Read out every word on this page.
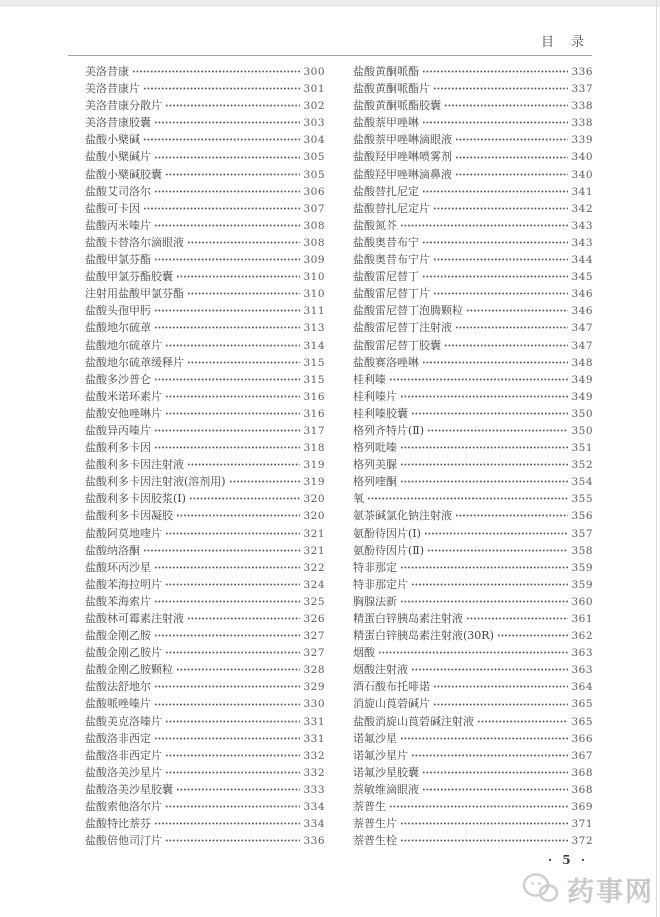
目　录
美洛昔康	300
美洛昔康片	301
美洛昔康分散片	302
美洛昔康胶囊	303
盐酸小檗碱	304
盐酸小檗碱片	305
盐酸小檗碱胶囊	305
盐酸艾司洛尔	306
盐酸可卡因	307
盐酸丙米嗪片	308
盐酸卡替洛尔滴眼液	308
盐酸甲氯芬酯	309
盐酸甲氯芬酯胶囊	310
注射用盐酸甲氯芬酯	310
盐酸头孢甲肟	311
盐酸地尔硫䓬	313
盐酸地尔硫䓬片	314
盐酸地尔硫䓬缓释片	315
盐酸多沙普仑	315
盐酸米诺环素片	316
盐酸安他唑啉片	316
盐酸异丙嗪片	317
盐酸利多卡因	318
盐酸利多卡因注射液	319
盐酸利多卡因注射液(溶剂用)	319
盐酸利多卡因胶浆(Ⅰ)	320
盐酸利多卡因凝胶	320
盐酸阿莫地喹片	321
盐酸纳洛酮	321
盐酸环丙沙星	322
盐酸苯海拉明片	324
盐酸苯海索片	325
盐酸林可霉素注射液	326
盐酸金刚乙胺	327
盐酸金刚乙胺片	327
盐酸金刚乙胺颗粒	328
盐酸法舒地尔	329
盐酸哌唑嗪片	330
盐酸美克洛嗪片	331
盐酸洛非西定	331
盐酸洛非西定片	332
盐酸洛美沙星片	332
盐酸洛美沙星胶囊	333
盐酸索他洛尔片	334
盐酸特比萘芬	334
盐酸倍他司汀片	336
盐酸黄酮哌酯	336
盐酸黄酮哌酯片	337
盐酸黄酮哌酯胶囊	338
盐酸萘甲唑啉	338
盐酸萘甲唑啉滴眼液	339
盐酸羟甲唑啉喷雾剂	340
盐酸羟甲唑啉滴鼻液	340
盐酸替扎尼定	341
盐酸替扎尼定片	342
盐酸氮芥	343
盐酸奥昔布宁	343
盐酸奥昔布宁片	344
盐酸雷尼替丁	345
盐酸雷尼替丁片	346
盐酸雷尼替丁泡腾颗粒	346
盐酸雷尼替丁注射液	347
盐酸雷尼替丁胶囊	347
盐酸赛洛唑啉	348
桂利嗪	349
桂利嗪片	349
桂利嗪胶囊	350
格列齐特片(Ⅱ)	350
格列吡嗪	351
格列美脲	352
格列喹酮	354
氧	355
氨茶碱氯化钠注射液	356
氨酚待因片(Ⅰ)	357
氨酚待因片(Ⅱ)	358
特非那定	359
特非那定片	359
胸腺法新	360
精蛋白锌胰岛素注射液	361
精蛋白锌胰岛素注射液(30R)	362
烟酸	363
烟酸注射液	363
酒石酸布托啡诺	364
消旋山莨菪碱片	365
盐酸消旋山莨菪碱注射液	365
诺氟沙星	366
诺氟沙星片	367
诺氟沙星胶囊	368
萘敏维滴眼液	368
萘普生	369
萘普生片	371
萘普生栓	372
· 5 ·
药事网
